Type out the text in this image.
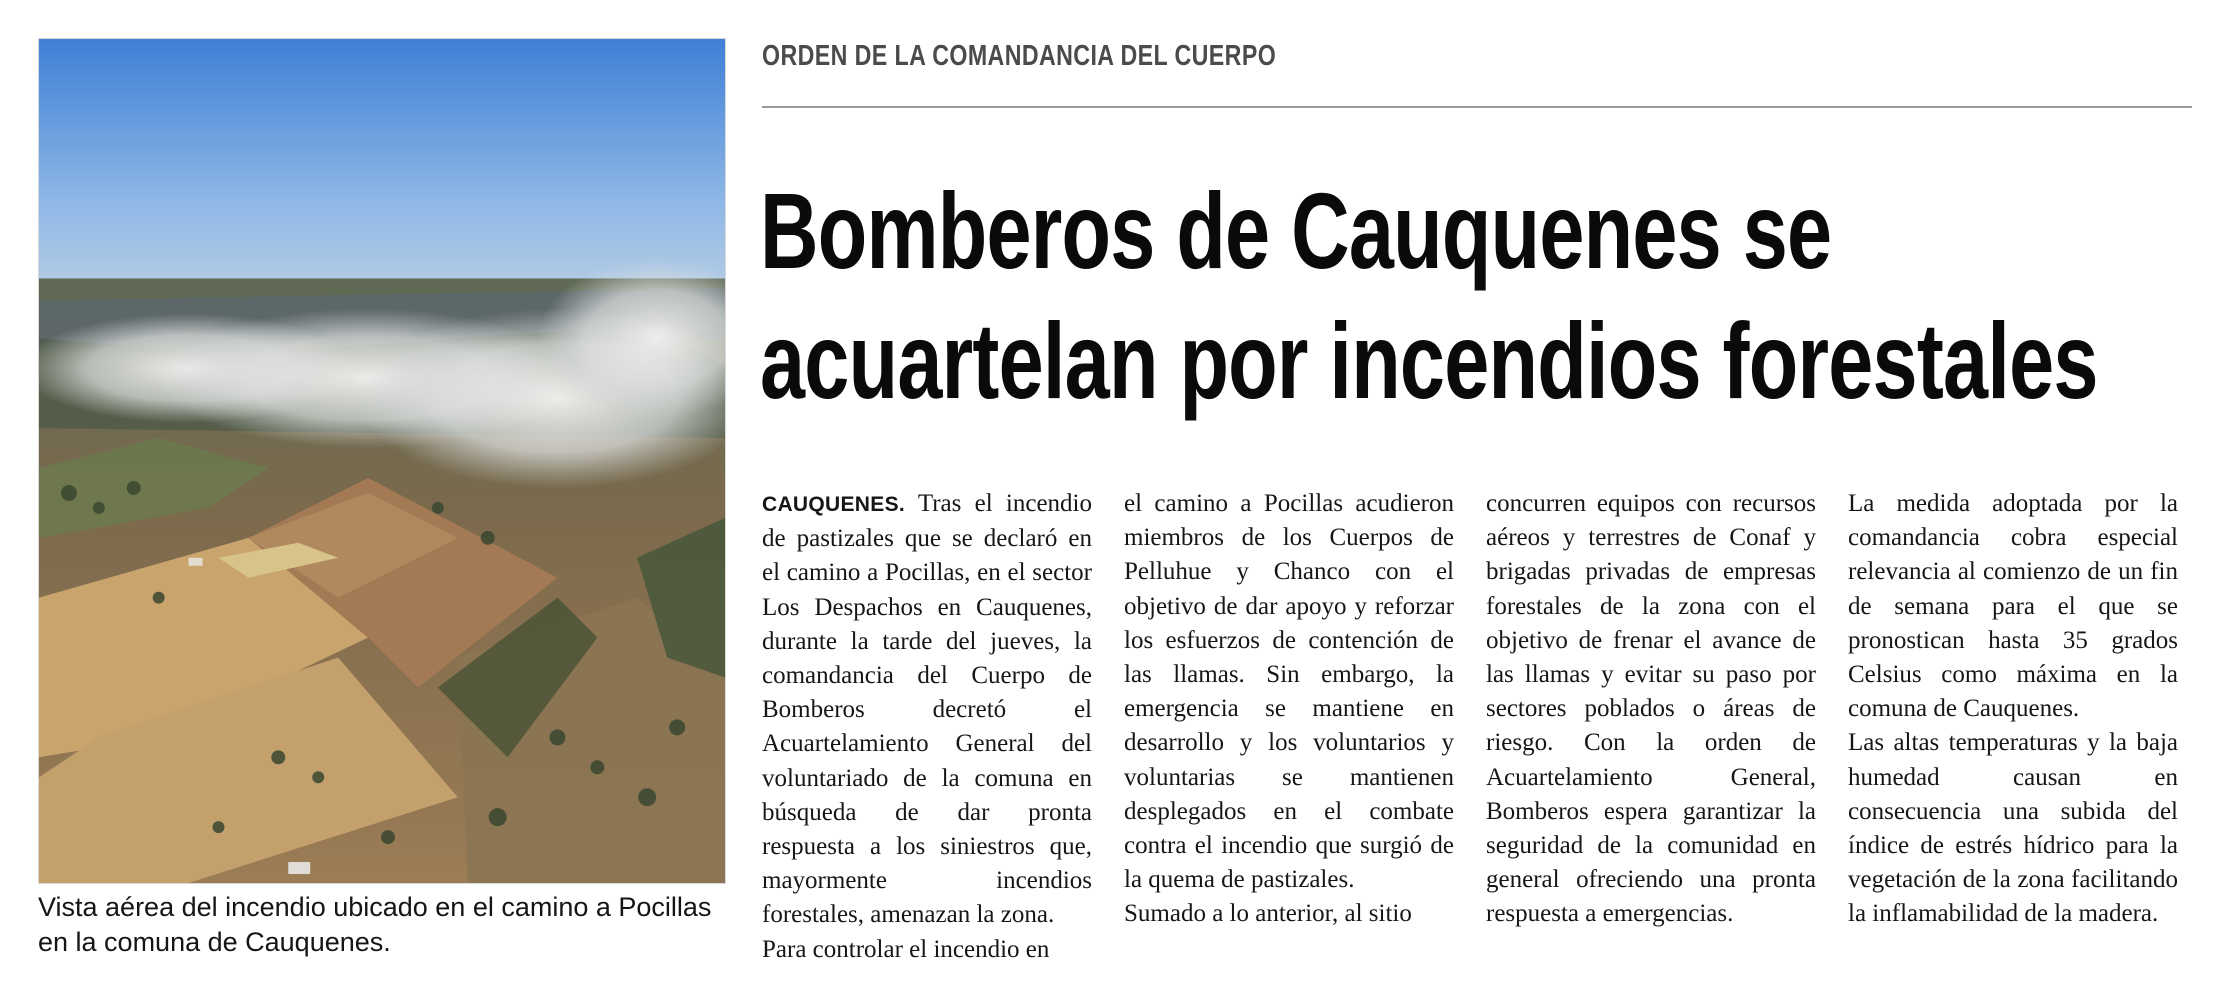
Vista aérea del incendio ubicado en el camino a Pocillas en la comuna de Cauquenes.

ORDEN DE LA COMANDANCIA DEL CUERPO

Bomberos de Cauquenes se
acuartelan por incendios forestales

CAUQUENES. Tras el incendio de pastizales que se declaró en el camino a Pocillas, en el sector Los Despachos en Cauquenes, durante la tarde del jueves, la comandancia del Cuerpo de Bomberos decretó el Acuartelamiento General del voluntariado de la comuna en búsqueda de dar pronta respuesta a los siniestros que, mayormente incendios forestales, amenazan la zona.

Para controlar el incendio en

el camino a Pocillas acudieron miembros de los Cuerpos de Pelluhue y Chanco con el objetivo de dar apoyo y reforzar los esfuerzos de contención de las llamas. Sin embargo, la emergencia se mantiene en desarrollo y los voluntarios y voluntarias se mantienen desplegados en el combate contra el incendio que surgió de la quema de pastizales.

Sumado a lo anterior, al sitio

concurren equipos con recursos aéreos y terrestres de Conaf y brigadas privadas de empresas forestales de la zona con el objetivo de frenar el avance de las llamas y evitar su paso por sectores poblados o áreas de riesgo. Con la orden de Acuartelamiento General, Bomberos espera garantizar la seguridad de la comunidad en general ofreciendo una pronta respuesta a emergencias.

La medida adoptada por la comandancia cobra especial relevancia al comienzo de un fin de semana para el que se pronostican hasta 35 grados Celsius como máxima en la comuna de Cauquenes.

Las altas temperaturas y la baja humedad causan en consecuencia una subida del índice de estrés hídrico para la vegetación de la zona facilitando la inflamabilidad de la madera.
